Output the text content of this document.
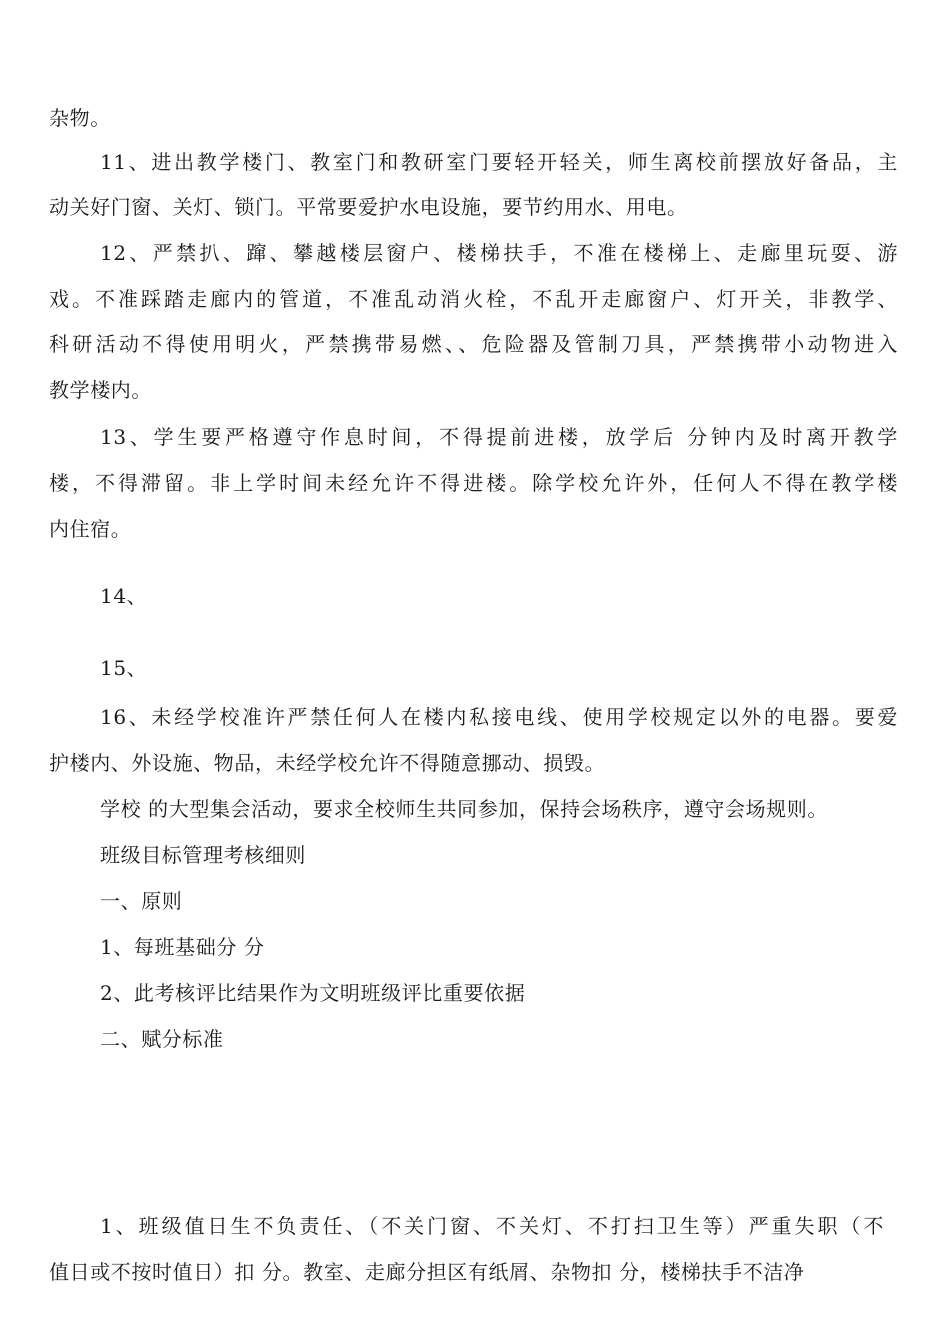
杂物。
11、进出教学楼门、教室门和教研室门要轻开轻关，师生离校前摆放好备品，主
动关好门窗、关灯、锁门。平常要爱护水电设施，要节约用水、用电。
12、严禁扒、蹿、攀越楼层窗户、楼梯扶手，不准在楼梯上、走廊里玩耍、游
戏。不准踩踏走廊内的管道，不准乱动消火栓，不乱开走廊窗户、灯开关，非教学、
科研活动不得使用明火，严禁携带易燃、、危险器及管制刀具，严禁携带小动物进入
教学楼内。
13、学生要严格遵守作息时间，不得提前进楼，放学后 分钟内及时离开教学
楼，不得滞留。非上学时间未经允许不得进楼。除学校允许外，任何人不得在教学楼
内住宿。
14、
15、
16、未经学校准许严禁任何人在楼内私接电线、使用学校规定以外的电器。要爱
护楼内、外设施、物品，未经学校允许不得随意挪动、损毁。
学校 的大型集会活动，要求全校师生共同参加，保持会场秩序，遵守会场规则。
班级目标管理考核细则
一、原则
1、每班基础分 分
2、此考核评比结果作为文明班级评比重要依据
二、赋分标准
1、班级值日生不负责任、（不关门窗、不关灯、不打扫卫生等）严重失职（不
值日或不按时值日）扣 分。教室、走廊分担区有纸屑、杂物扣 分，楼梯扶手不洁净
